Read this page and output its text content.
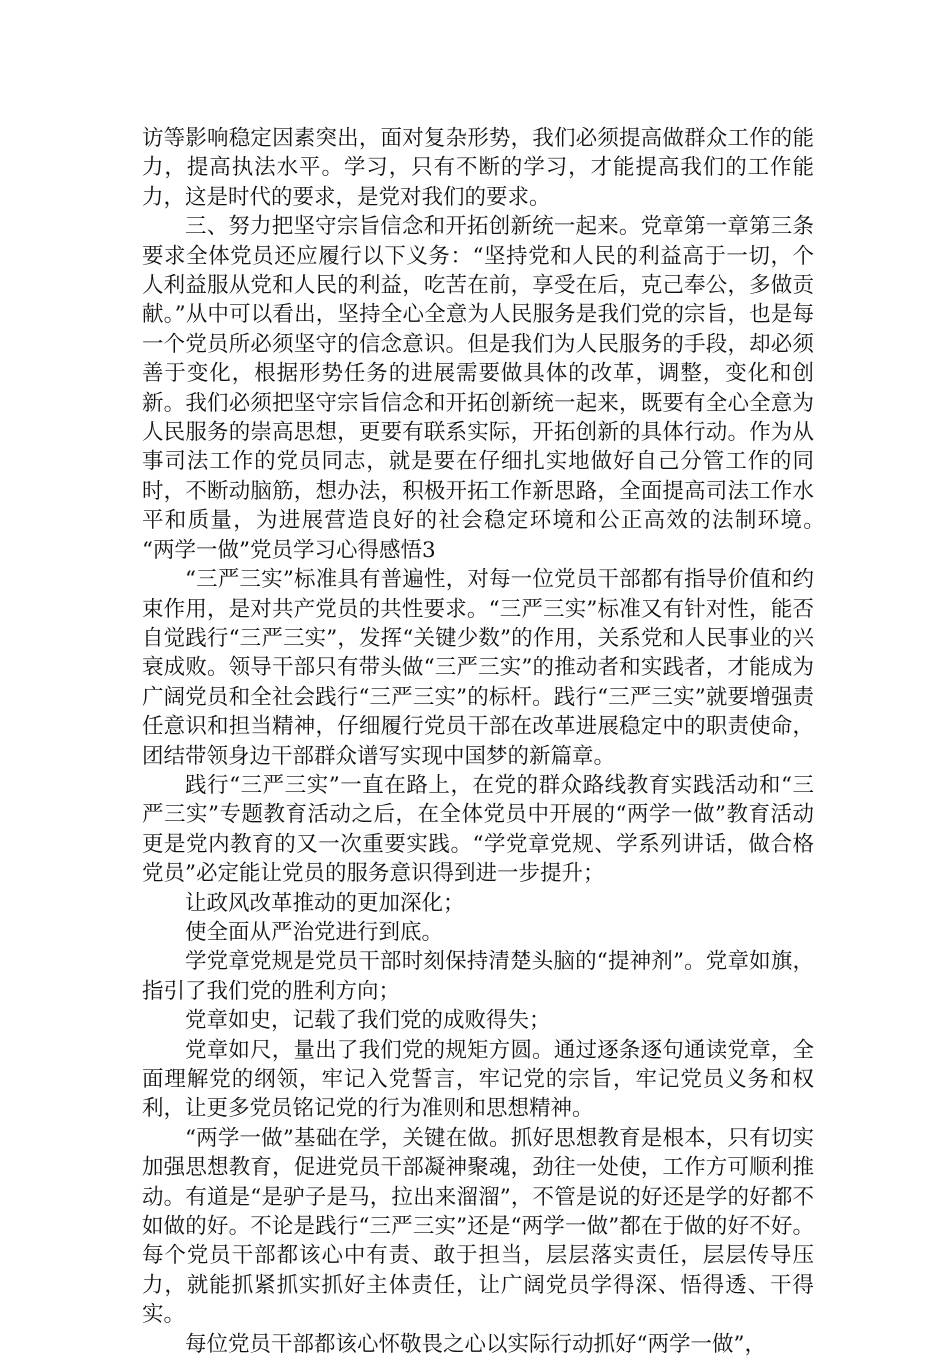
访等影响稳定因素突出，面对复杂形势，我们必须提高做群众工作的能力，提高执法水平。学习，只有不断的学习，才能提高我们的工作能力，这是时代的要求，是党对我们的要求。

三、努力把坚守宗旨信念和开拓创新统一起来。党章第一章第三条要求全体党员还应履行以下义务：“坚持党和人民的利益高于一切，个人利益服从党和人民的利益，吃苦在前，享受在后，克己奉公，多做贡献。”从中可以看出，坚持全心全意为人民服务是我们党的宗旨，也是每一个党员所必须坚守的信念意识。但是我们为人民服务的手段，却必须善于变化，根据形势任务的进展需要做具体的改革，调整，变化和创新。我们必须把坚守宗旨信念和开拓创新统一起来，既要有全心全意为人民服务的崇高思想，更要有联系实际，开拓创新的具体行动。作为从事司法工作的党员同志，就是要在仔细扎实地做好自己分管工作的同时，不断动脑筋，想办法，积极开拓工作新思路，全面提高司法工作水平和质量，为进展营造良好的社会稳定环境和公正高效的法制环境。　　“两学一做”党员学习心得感悟3

“三严三实”标准具有普遍性，对每一位党员干部都有指导价值和约束作用，是对共产党员的共性要求。“三严三实”标准又有针对性，能否自觉践行“三严三实”，发挥“关键少数”的作用，关系党和人民事业的兴衰成败。领导干部只有带头做“三严三实”的推动者和实践者，才能成为广阔党员和全社会践行“三严三实”的标杆。践行“三严三实”就要增强责任意识和担当精神，仔细履行党员干部在改革进展稳定中的职责使命，团结带领身边干部群众谱写实现中国梦的新篇章。

践行“三严三实”一直在路上，在党的群众路线教育实践活动和“三严三实”专题教育活动之后，在全体党员中开展的“两学一做”教育活动更是党内教育的又一次重要实践。“学党章党规、学系列讲话，做合格党员”必定能让党员的服务意识得到进一步提升；

让政风改革推动的更加深化；

使全面从严治党进行到底。

学党章党规是党员干部时刻保持清楚头脑的“提神剂”。党章如旗，指引了我们党的胜利方向；

党章如史，记载了我们党的成败得失；

党章如尺，量出了我们党的规矩方圆。通过逐条逐句通读党章，全面理解党的纲领，牢记入党誓言，牢记党的宗旨，牢记党员义务和权利，让更多党员铭记党的行为准则和思想精神。

“两学一做”基础在学，关键在做。抓好思想教育是根本，只有切实加强思想教育，促进党员干部凝神聚魂，劲往一处使，工作方可顺利推动。有道是“是驴子是马，拉出来溜溜”，不管是说的好还是学的好都不如做的好。不论是践行“三严三实”还是“两学一做”都在于做的好不好。每个党员干部都该心中有责、敢于担当，层层落实责任，层层传导压力，就能抓紧抓实抓好主体责任，让广阔党员学得深、悟得透、干得实。

每位党员干部都该心怀敬畏之心以实际行动抓好“两学一做”，
